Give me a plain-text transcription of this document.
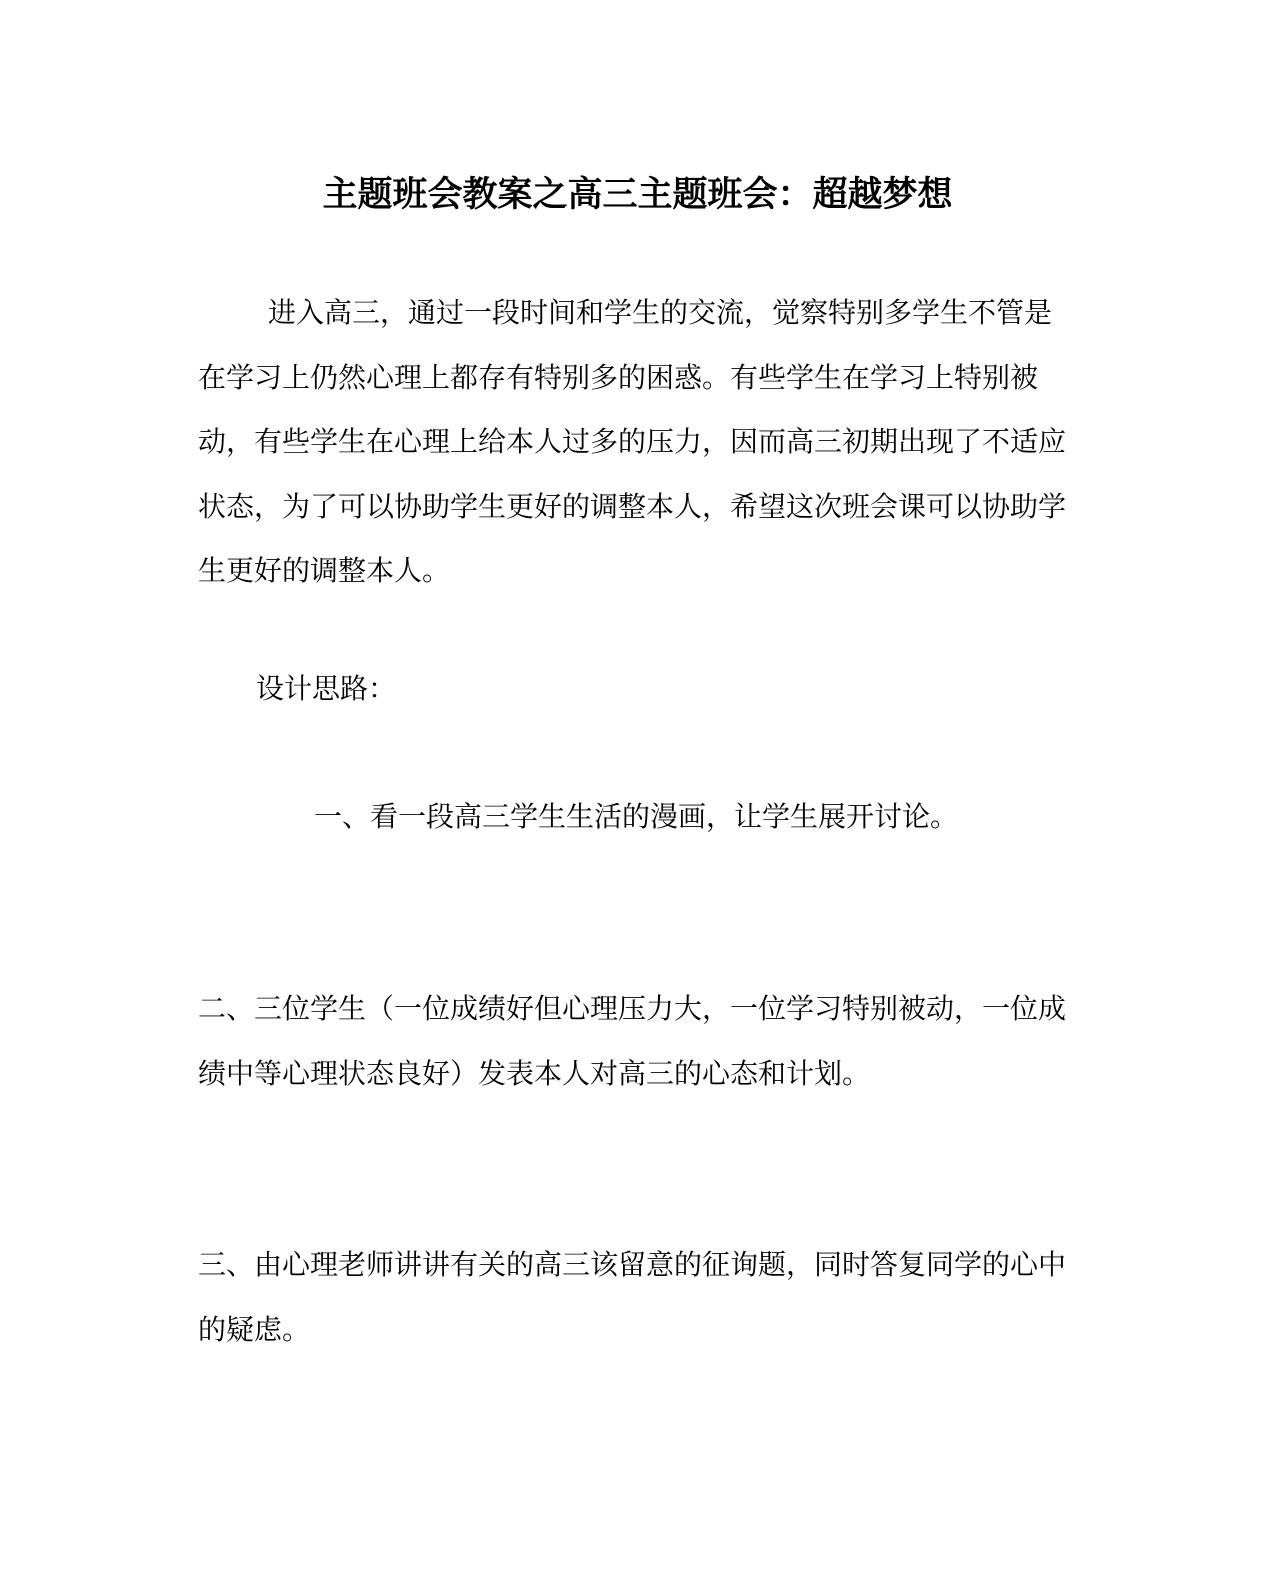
主题班会教案之高三主题班会：超越梦想

进入高三，通过一段时间和学生的交流，觉察特别多学生不管是在学习上仍然心理上都存有特别多的困惑。有些学生在学习上特别被动，有些学生在心理上给本人过多的压力，因而高三初期出现了不适应状态，为了可以协助学生更好的调整本人，希望这次班会课可以协助学生更好的调整本人。

设计思路：

一、看一段高三学生生活的漫画，让学生展开讨论。

二、三位学生（一位成绩好但心理压力大，一位学习特别被动，一位成绩中等心理状态良好）发表本人对高三的心态和计划。

三、由心理老师讲讲有关的高三该留意的征询题，同时答复同学的心中的疑虑。
